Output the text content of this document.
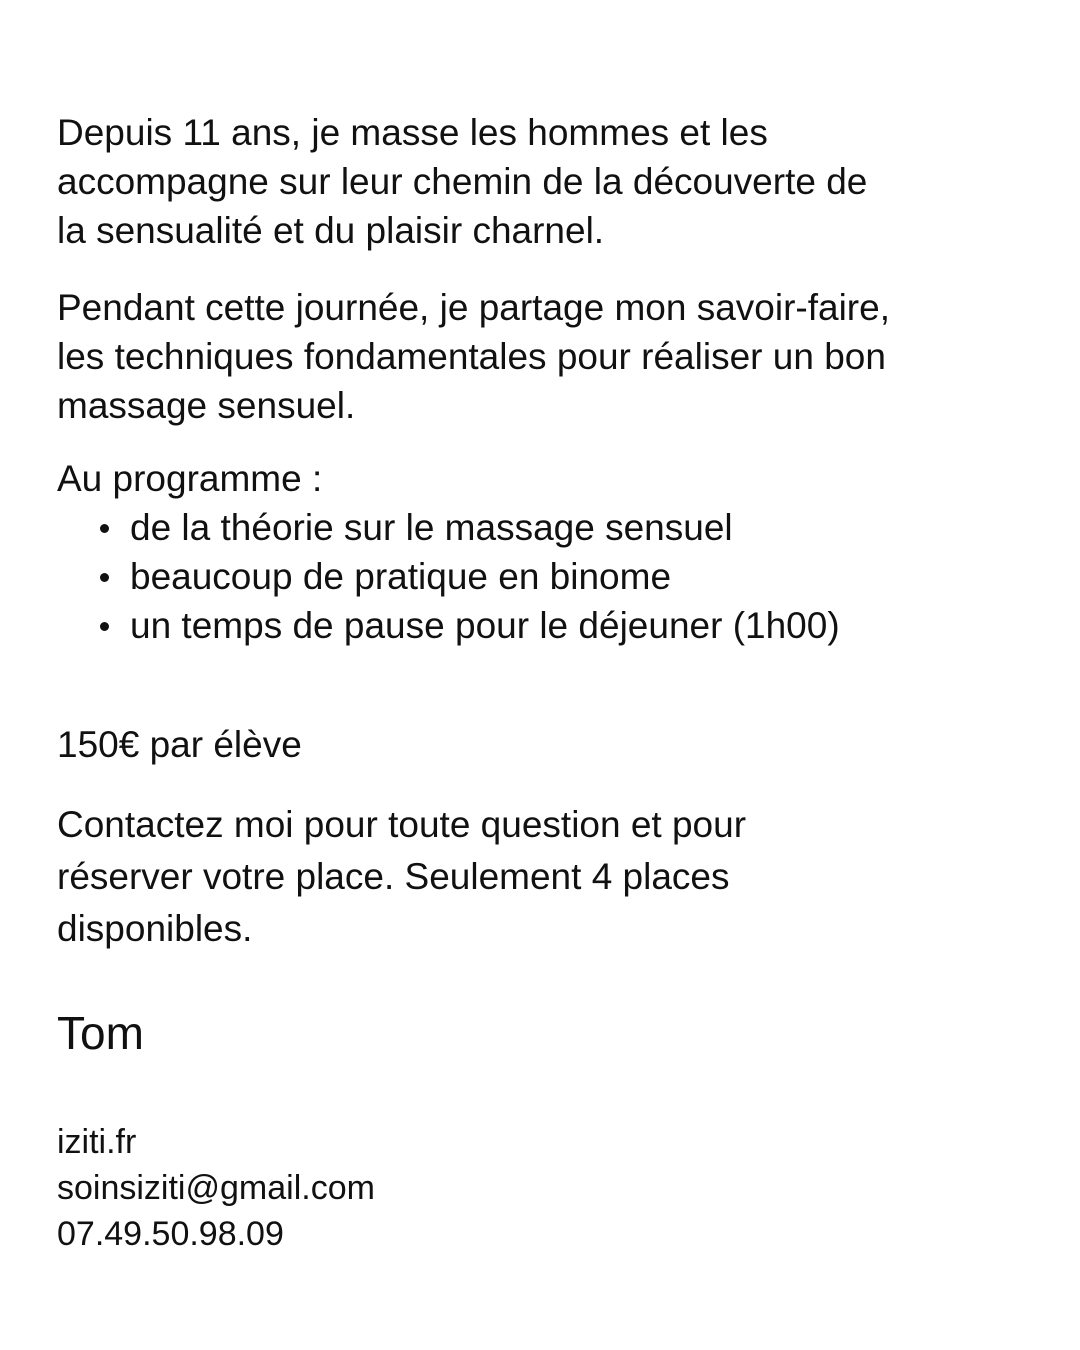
Depuis 11 ans, je masse les hommes et les
accompagne sur leur chemin de la découverte de
la sensualité et du plaisir charnel.

Pendant cette journée, je partage mon savoir-faire,
les techniques fondamentales pour réaliser un bon
massage sensuel.

Au programme :
de la théorie sur le massage sensuel
beaucoup de pratique en binome
un temps de pause pour le déjeuner (1h00)
150€ par élève

Contactez moi pour toute question et pour
réserver votre place. Seulement 4 places
disponibles.

Tom
iziti.fr
soinsiziti@gmail.com
07.49.50.98.09
